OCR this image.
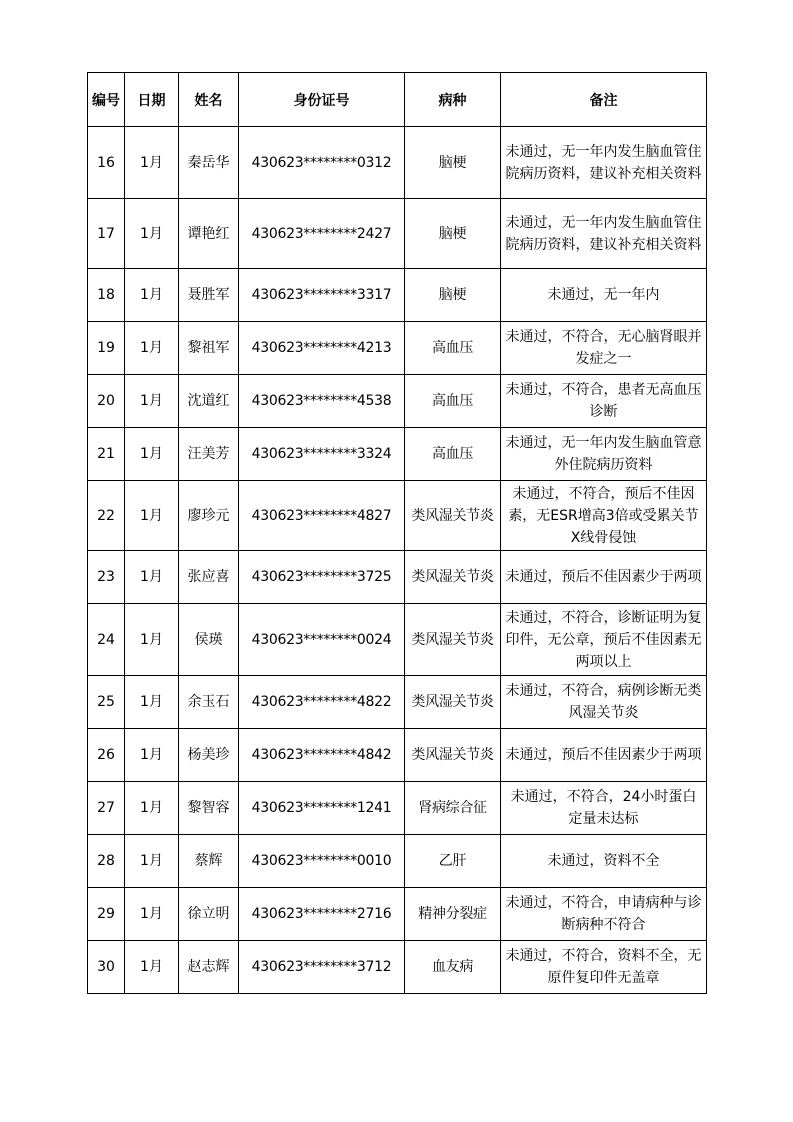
编号	日期	姓名	身份证号	病种	备注
16	1月	秦岳华	430623********0312	脑梗	未通过，无一年内发生脑血管住院病历资料，建议补充相关资料
17	1月	谭艳红	430623********2427	脑梗	未通过，无一年内发生脑血管住院病历资料，建议补充相关资料
18	1月	聂胜军	430623********3317	脑梗	未通过，无一年内
19	1月	黎祖军	430623********4213	高血压	未通过，不符合，无心脑肾眼并发症之一
20	1月	沈道红	430623********4538	高血压	未通过，不符合，患者无高血压诊断
21	1月	汪美芳	430623********3324	高血压	未通过，无一年内发生脑血管意外住院病历资料
22	1月	廖珍元	430623********4827	类风湿关节炎	未通过，不符合，预后不佳因素，无ESR增高3倍或受累关节X线骨侵蚀
23	1月	张应喜	430623********3725	类风湿关节炎	未通过，预后不佳因素少于两项
24	1月	侯瑛	430623********0024	类风湿关节炎	未通过，不符合，诊断证明为复印件，无公章，预后不佳因素无两项以上
25	1月	余玉石	430623********4822	类风湿关节炎	未通过，不符合，病例诊断无类风湿关节炎
26	1月	杨美珍	430623********4842	类风湿关节炎	未通过，预后不佳因素少于两项
27	1月	黎智容	430623********1241	肾病综合征	未通过，不符合，24小时蛋白定量未达标
28	1月	蔡辉	430623********0010	乙肝	未通过，资料不全
29	1月	徐立明	430623********2716	精神分裂症	未通过，不符合，申请病种与诊断病种不符合
30	1月	赵志辉	430623********3712	血友病	未通过，不符合，资料不全，无原件复印件无盖章
